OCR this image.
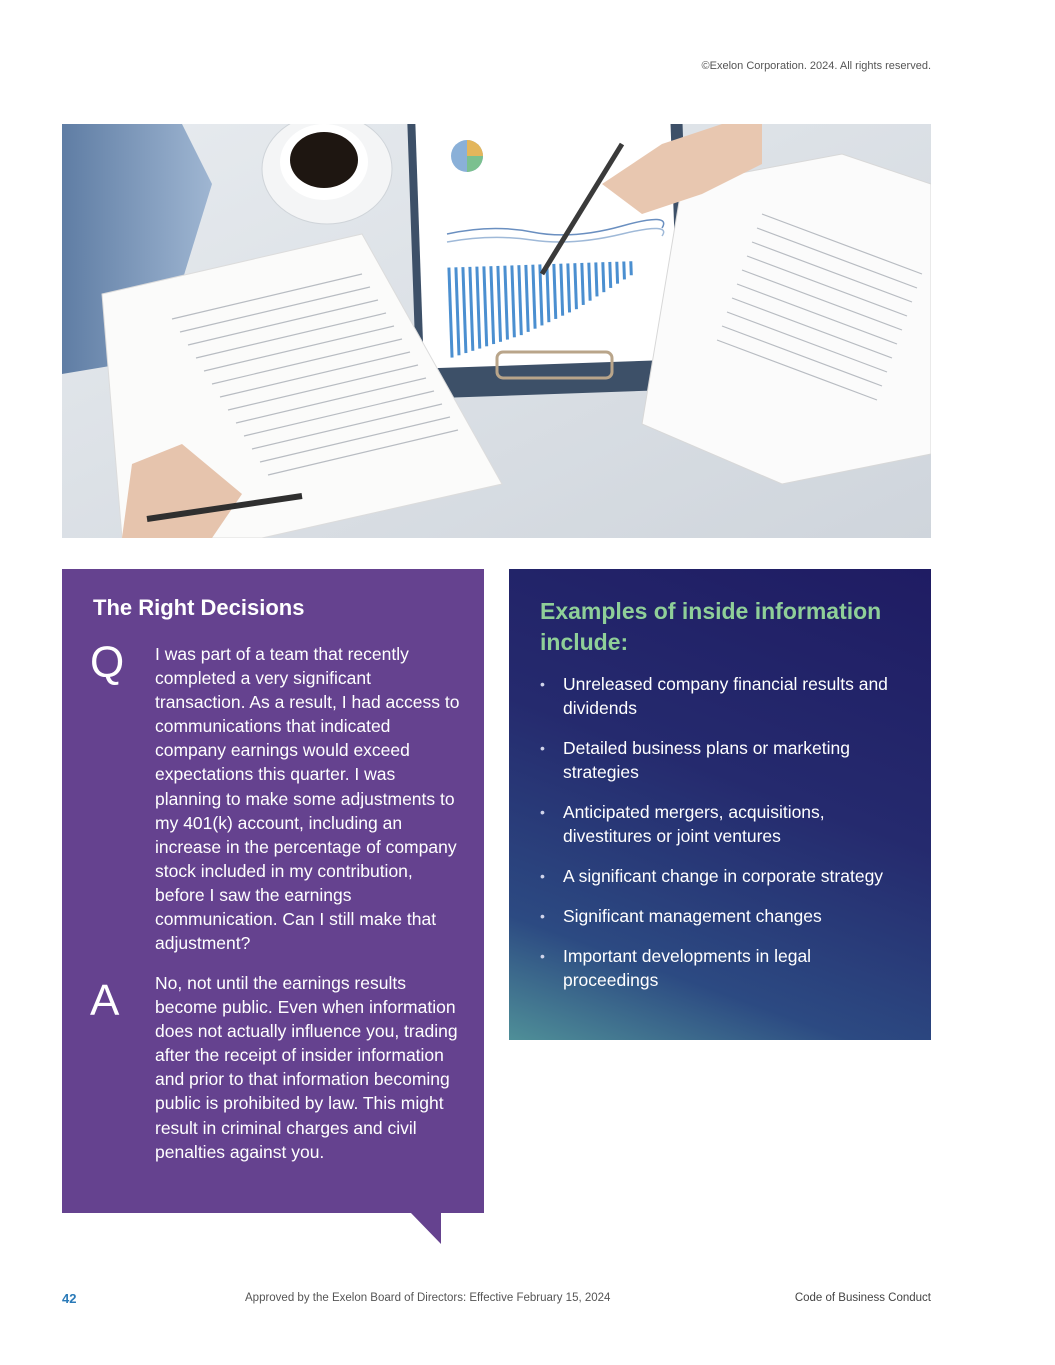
©Exelon Corporation. 2024. All rights reserved.
The Right Decisions
Q I was part of a team that recently completed a very significant transaction. As a result, I had access to communications that indicated company earnings would exceed expectations this quarter. I was planning to make some adjustments to my 401(k) account, including an increase in the percentage of company stock included in my contribution, before I saw the earnings communication. Can I still make that adjustment?

A No, not until the earnings results become public. Even when information does not actually influence you, trading after the receipt of insider information and prior to that information becoming public is prohibited by law. This might result in criminal charges and civil penalties against you.

Examples of inside information include:
• Unreleased company financial results and dividends
• Detailed business plans or marketing strategies
• Anticipated mergers, acquisitions, divestitures or joint ventures
• A significant change in corporate strategy
• Significant management changes
• Important developments in legal proceedings
42	Approved by the Exelon Board of Directors: Effective February 15, 2024	Code of Business Conduct
